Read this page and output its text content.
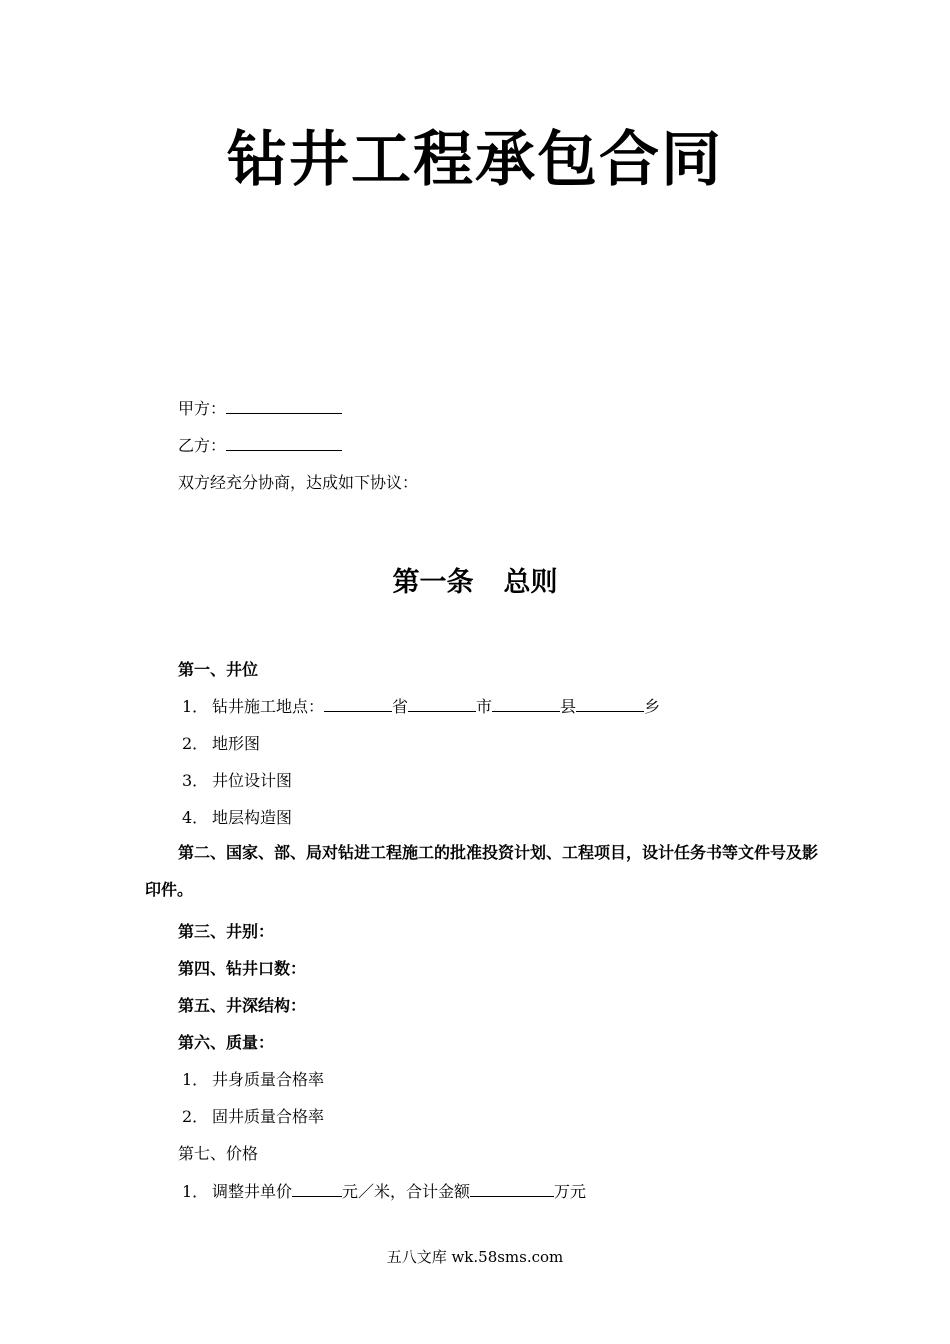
钻井工程承包合同
甲方：
乙方：
双方经充分协商，达成如下协议：
第一条 总则
第一、井位
1． 钻井施工地点：	省	市	县	乡
2． 地形图
3． 井位设计图
4． 地层构造图
第二、国家、部、局对钻进工程施工的批准投资计划、工程项目，设计任务书等文件号及影印件。
第三、井别：
第四、钻井口数：
第五、井深结构：
第六、质量：
1． 井身质量合格率
2． 固井质量合格率
第七、价格
1． 调整井单价	元／米，合计金额	万元
五八文库 wk.58sms.com
